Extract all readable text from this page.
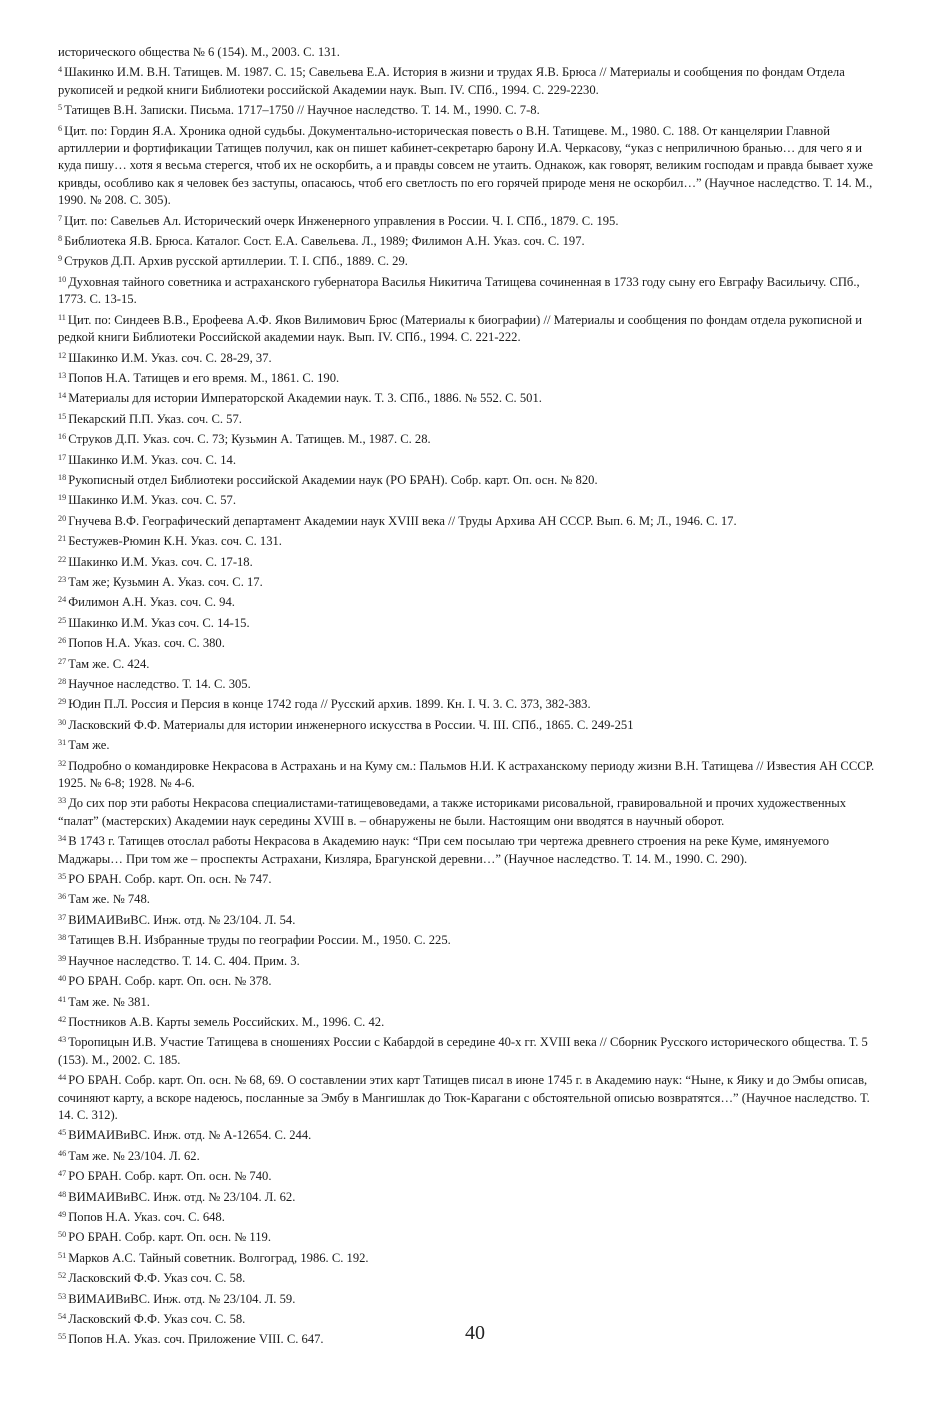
исторического общества № 6 (154). М., 2003. С. 131.
$^4$ Шакинко И.М. В.Н. Татищев. М. 1987. С. 15; Савельева Е.А. История в жизни и трудах Я.В. Брюса // Материалы и сообщения по фондам Отдела рукописей и редкой книги Библиотеки российской Академии наук. Вып. IV. СПб., 1994. С. 229-2230.
$^5$ Татищев В.Н. Записки. Письма. 1717–1750 // Научное наследство. Т. 14. М., 1990. С. 7-8.
$^6$ Цит. по: Гордин Я.А. Хроника одной судьбы. Документально-историческая повесть о В.Н. Татищеве. М., 1980. С. 188. От канцелярии Главной артиллерии и фортификации Татищев получил, как он пишет кабинет-секретарю барону И.А. Черкасову, “указ с неприличною бранью… для чего я и куда пишу… хотя я весьма стерегся, чтоб их не оскорбить, а и правды совсем не утаить. Однакож, как говорят, великим господам и правда бывает хуже кривды, особливо как я человек без заступы, опасаюсь, чтоб его светлость по его горячей природе меня не оскорбил…” (Научное наследство. Т. 14. М., 1990. № 208. С. 305).
$^7$ Цит. по: Савельев Ал. Исторический очерк Инженерного управления в России. Ч. I. СПб., 1879. С. 195.
$^8$ Библиотека Я.В. Брюса. Каталог. Сост. Е.А. Савельева. Л., 1989; Филимон А.Н. Указ. соч. С. 197.
$^9$ Струков Д.П. Архив русской артиллерии. Т. I. СПб., 1889. С. 29.
$^{10}$ Духовная тайного советника и астраханского губернатора Василья Никитича Татищева сочиненная в 1733 году сыну его Евграфу Васильичу. СПб., 1773. С. 13-15.
$^{11}$ Цит. по: Синдеев В.В., Ерофеева А.Ф. Яков Вилимович Брюс (Материалы к биографии) // Материалы и сообщения по фондам отдела рукописной и редкой книги Библиотеки Российской академии наук. Вып. IV. СПб., 1994. С. 221-222.
$^{12}$ Шакинко И.М. Указ. соч. С. 28-29, 37.
$^{13}$ Попов Н.А. Татищев и его время. М., 1861. С. 190.
$^{14}$ Материалы для истории Императорской Академии наук. Т. 3. СПб., 1886. № 552. С. 501.
$^{15}$ Пекарский П.П. Указ. соч. С. 57.
$^{16}$ Струков Д.П. Указ. соч. С. 73; Кузьмин А. Татищев. М., 1987. С. 28.
$^{17}$ Шакинко И.М. Указ. соч. С. 14.
$^{18}$ Рукописный отдел Библиотеки российской Академии наук (РО БРАН). Собр. карт. Оп. осн. № 820.
$^{19}$ Шакинко И.М. Указ. соч. С. 57.
$^{20}$ Гнучева В.Ф. Географический департамент Академии наук XVIII века // Труды Архива АН СССР. Вып. 6. М; Л., 1946. С. 17.
$^{21}$ Бестужев-Рюмин К.Н. Указ. соч. С. 131.
$^{22}$ Шакинко И.М. Указ. соч. С. 17-18.
$^{23}$ Там же; Кузьмин А. Указ. соч. С. 17.
$^{24}$ Филимон А.Н. Указ. соч. С. 94.
$^{25}$ Шакинко И.М. Указ соч. С. 14-15.
$^{26}$ Попов Н.А. Указ. соч. С. 380.
$^{27}$ Там же. С. 424.
$^{28}$ Научное наследство. Т. 14. С. 305.
$^{29}$ Юдин П.Л. Россия и Персия в конце 1742 года // Русский архив. 1899. Кн. I. Ч. 3. С. 373, 382-383.
$^{30}$ Ласковский Ф.Ф. Материалы для истории инженерного искусства в России. Ч. III. СПб., 1865. С. 249-251
$^{31}$ Там же.
$^{32}$ Подробно о командировке Некрасова в Астрахань и на Куму см.: Пальмов Н.И. К астраханскому периоду жизни В.Н. Татищева // Известия АН СССР. 1925. № 6-8; 1928. № 4-6.
$^{33}$ До сих пор эти работы Некрасова специалистами-татищевоведами, а также историками рисовальной, гравировальной и прочих художественных “палат” (мастерских) Академии наук середины XVIII в. – обнаружены не были. Настоящим они вводятся в научный оборот.
$^{34}$ В 1743 г. Татищев отослал работы Некрасова в Академию наук: “При сем посылаю три чертежа древнего строения на реке Куме, имянуемого Маджары… При том же – проспекты Астрахани, Кизляра, Брагунской деревни…” (Научное наследство. Т. 14. М., 1990. С. 290).
$^{35}$ РО БРАН. Собр. карт. Оп. осн. № 747.
$^{36}$ Там же. № 748.
$^{37}$ ВИМАИВиВС. Инж. отд. № 23/104. Л. 54.
$^{38}$ Татищев В.Н. Избранные труды по географии России. М., 1950. С. 225.
$^{39}$ Научное наследство. Т. 14. С. 404. Прим. 3.
$^{40}$ РО БРАН. Собр. карт. Оп. осн. № 378.
$^{41}$ Там же. № 381.
$^{42}$ Постников А.В. Карты земель Российских. М., 1996. С. 42.
$^{43}$ Торопицын И.В. Участие Татищева в сношениях России с Кабардой в середине 40-х гг. XVIII века // Сборник Русского исторического общества. Т. 5 (153). М., 2002. С. 185.
$^{44}$ РО БРАН. Собр. карт. Оп. осн. № 68, 69. О составлении этих карт Татищев писал в июне 1745 г. в Академию наук: “Ныне, к Яику и до Эмбы описав, сочиняют карту, а вскоре надеюсь, посланные за Эмбу в Мангишлак до Тюк-Карагани с обстоятельной описью возвратятся…” (Научное наследство. Т. 14. С. 312).
$^{45}$ ВИМАИВиВС. Инж. отд. № А-12654. С. 244.
$^{46}$ Там же. № 23/104. Л. 62.
$^{47}$ РО БРАН. Собр. карт. Оп. осн. № 740.
$^{48}$ ВИМАИВиВС. Инж. отд. № 23/104. Л. 62.
$^{49}$ Попов Н.А. Указ. соч. С. 648.
$^{50}$ РО БРАН. Собр. карт. Оп. осн. № 119.
$^{51}$ Марков А.С. Тайный советник. Волгоград, 1986. С. 192.
$^{52}$ Ласковский Ф.Ф. Указ соч. С. 58.
$^{53}$ ВИМАИВиВС. Инж. отд. № 23/104. Л. 59.
$^{54}$ Ласковский Ф.Ф. Указ соч. С. 58.
$^{55}$ Попов Н.А. Указ. соч. Приложение VIII. С. 647.	40
